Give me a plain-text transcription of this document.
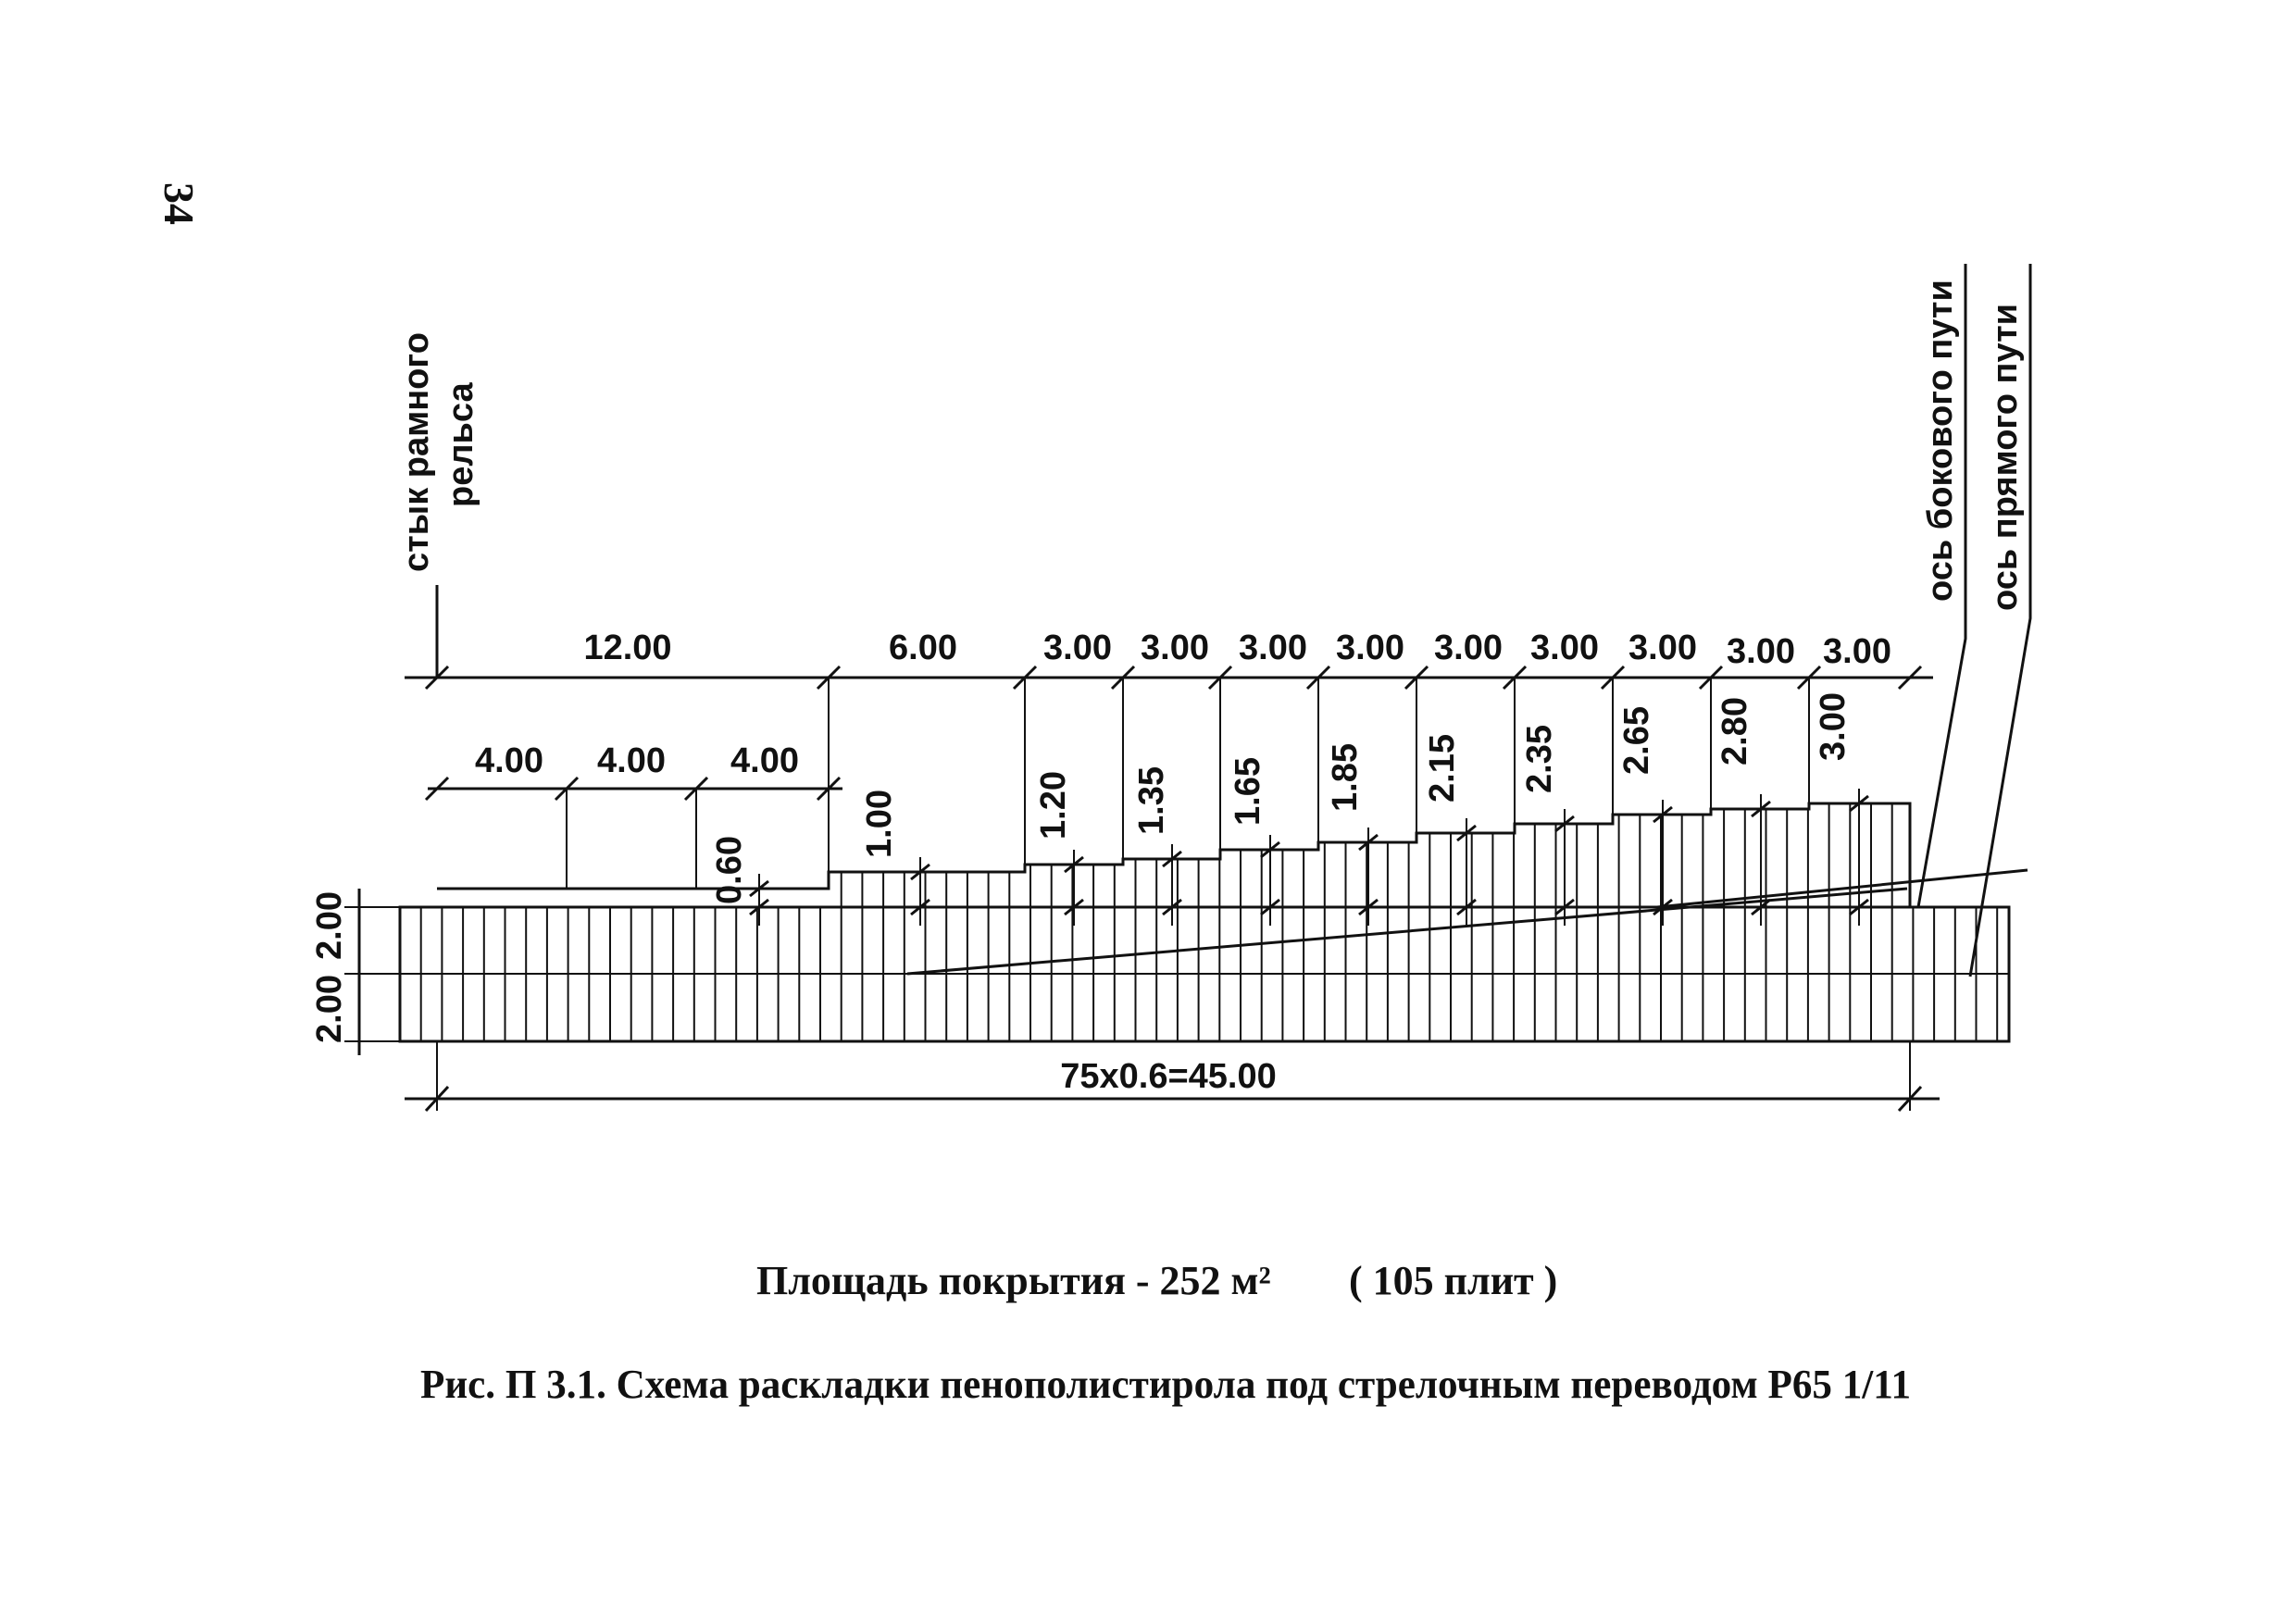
34
стык рамного рельса	ось бокового пути ось прямого пути
12.00	6.00 3.00 3.00 3.00 3.00 3.00 3.00 3.00 3.00 3.00
4.00 4.00 4.00
0.60
1.00	1.20 1.35 1.65 1.85 2.15 2.35 2.65 2.80 3.00
2.00
2.00
75x0.6=45.00
Площадь покрытия - 252 м² ( 105 плит )
Рис. П 3.1. Схема раскладки пенополистирола под стрелочным переводом Р65 1/11
